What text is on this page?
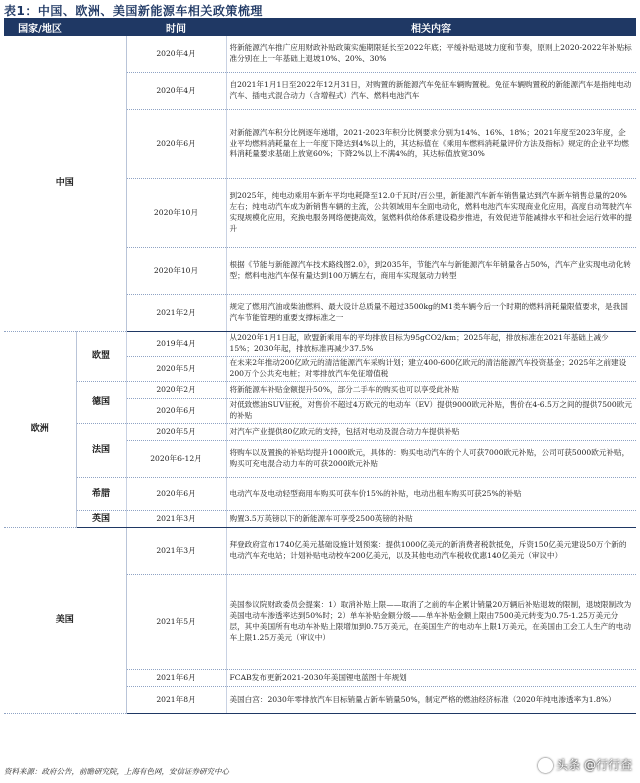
表1：中国、欧洲、美国新能源车相关政策梳理
国家/地区		时间	相关内容
中国		2020年4月	将新能源汽车推广应用财政补贴政策实施期限延长至2022年底；平缓补贴退坡力度和节奏，原则上2020-2022年补贴标准分别在上一年基础上退坡10%、20%、30%
		2020年4月	自2021年1月1日至2022年12月31日，对购置的新能源汽车免征车辆购置税。免征车辆购置税的新能源汽车是指纯电动汽车、插电式混合动力（含增程式）汽车、燃料电池汽车
		2020年6月	对新能源汽车积分比例逐年递增，2021-2023年积分比例要求分别为14%、16%、18%；2021年度至2023年度，企业平均燃料消耗量在上一年度下降达到4%以上的，其达标值在《乘用车燃料消耗量评价方法及指标》规定的企业平均燃料消耗量要求基础上放宽60%；下降2%以上不满4%的，其达标值放宽30%
		2020年10月	到2025年，纯电动乘用车新车平均电耗降至12.0千瓦时/百公里，新能源汽车新车销售量达到汽车新车销售总量的20%左右；纯电动汽车成为新销售车辆的主流，公共领域用车全面电动化，燃料电池汽车实现商业化应用，高度自动驾驶汽车实现规模化应用，充换电服务网络便捷高效，氢燃料供给体系建设稳步推进，有效促进节能减排水平和社会运行效率的提升
		2020年10月	根据《节能与新能源汽车技术路线图2.0》，到2035年，节能汽车与新能源汽车年销量各占50%，汽车产业实现电动化转型；燃料电池汽车保有量达到100万辆左右，商用车实现氢动力转型
		2021年2月	规定了燃用汽油或柴油燃料、最大设计总质量不超过3500kg的M1类车辆今后一个时期的燃料消耗量限值要求，是我国汽车节能管理的重要支撑标准之一
欧洲	欧盟	2019年4月	从2020年1月1日起，欧盟新乘用车的平均排放目标为95gCO2/km；2025年起，排放标准在2021年基础上减少15%；2030年起，排放标准再减少37.5%
		2020年5月	在未来2年推动200亿欧元的清洁能源汽车采购计划；建立400-600亿欧元的清洁能源汽车投资基金；2025年之前建设200万个公共充电桩；对零排放汽车免征增值税
	德国	2020年2月	将新能源车补贴金额提升50%，部分二手车的购买也可以享受此补贴
		2020年6月	对低致燃油SUV征税，对售价不超过4万欧元的电动车（EV）提供9000欧元补贴，售价在4-6.5万之间的提供7500欧元的补贴
	法国	2020年5月	对汽车产业提供80亿欧元的支持，包括对电动及混合动力车提供补贴
		2020年6-12月	将购车以及置换的补贴均提升1000欧元，具体的：购买电动汽车的个人可获7000欧元补贴，公司可获5000欧元补贴，购买可充电混合动力车的可获2000欧元补贴
	希腊	2020年6月	电动汽车及电动轻型商用车购买可获车价15%的补贴，电动出租车购买可获25%的补贴
	英国	2021年3月	购置3.5万英镑以下的新能源车可享受2500英镑的补贴
美国		2021年3月	拜登政府宣布1740亿美元基础设施计划预案：提供1000亿美元的新消费者税款抵免，斥资150亿美元建设50万个新的电动汽车充电站；计划补贴电动校车200亿美元，以及其他电动汽车税收优惠140亿美元（审议中）
		2021年5月	美国参议院财政委员会提案：1）取消补贴上限——取消了之前的车企累计销量20万辆后补贴退坡的限制，退坡限制改为美国电动车渗透率达到50%时；2）单车补贴金额分级——单车补贴金额上限由7500美元转变为0.75-1.25万美元分层，其中美国所有电动车补贴上限增加到0.75万美元，在美国生产的电动车上限1万美元，在美国由工会工人生产的电动车上限1.25万美元（审议中）
		2021年6月	FCAB发布更新2021-2030年美国锂电蓝图十年规划
		2021年8月	美国白宫：2030年零排放汽车目标销量占新车销量50%，制定严格的燃油经济标准（2020年纯电渗透率为1.8%）
资料来源：政府公告，前瞻研究院，上海有色网，安信证券研究中心	头条 @行行查
